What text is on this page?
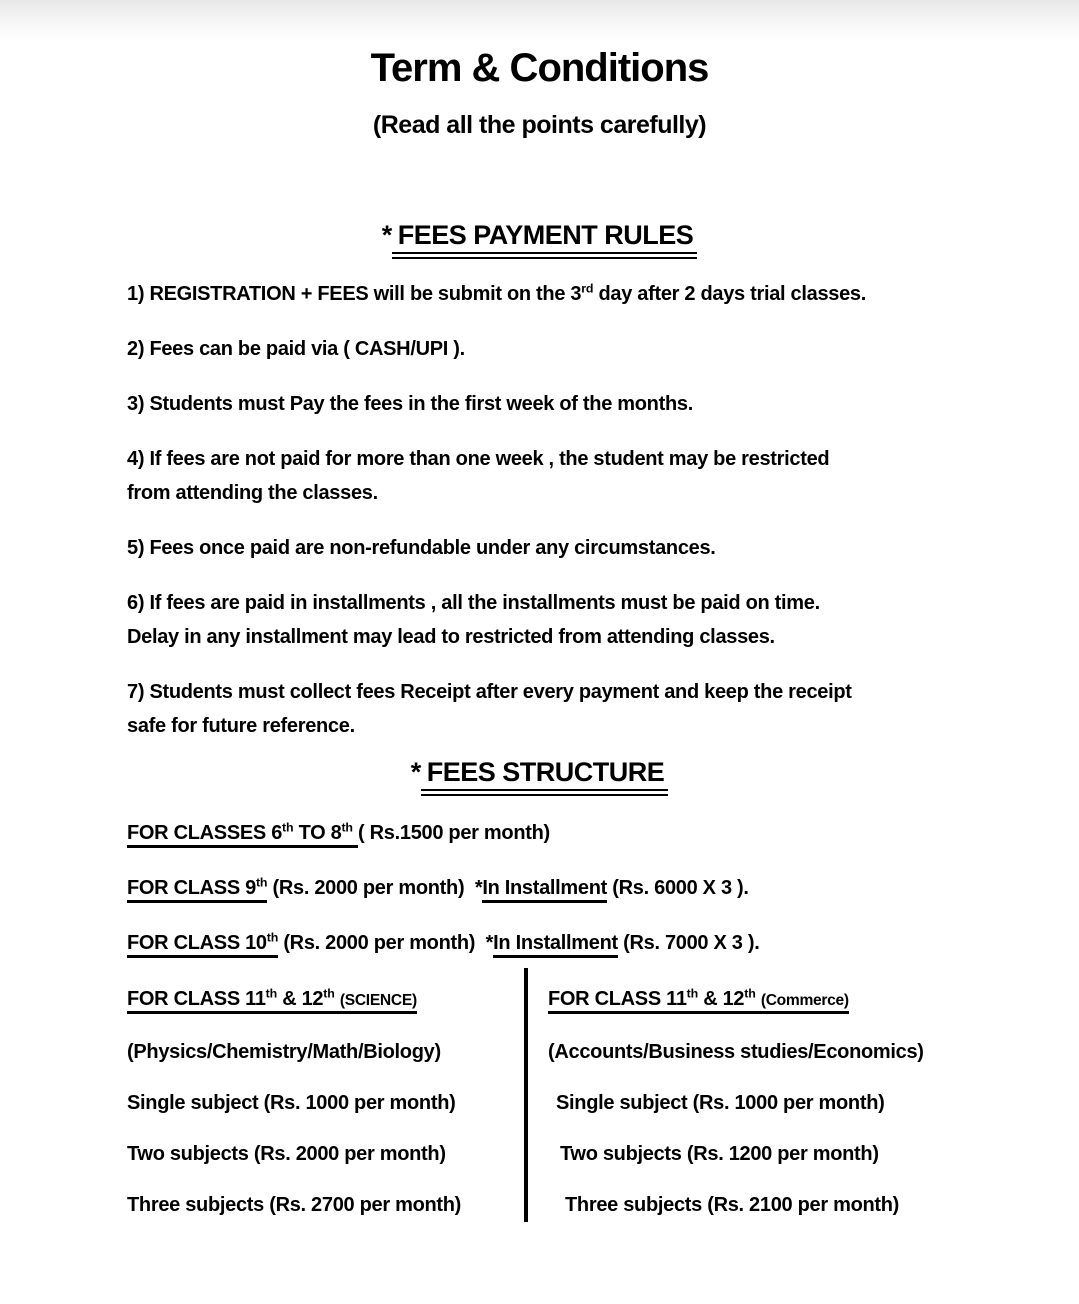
Term & Conditions
(Read all the points carefully)
* FEES PAYMENT RULES

1) REGISTRATION + FEES will be submit on the 3rd day after 2 days trial classes.

2) Fees can be paid via ( CASH/UPI ).

3) Students must Pay the fees in the first week of the months.

4) If fees are not paid for more than one week , the student may be restricted
from attending the classes.

5) Fees once paid are non-refundable under any circumstances.

6) If fees are paid in installments , all the installments must be paid on time.
Delay in any installment may lead to restricted from attending classes.

7) Students must collect fees Receipt after every payment and keep the receipt
safe for future reference.

* FEES STRUCTURE

FOR CLASSES 6th TO 8th ( Rs.1500 per month)

FOR CLASS 9th (Rs. 2000 per month)  *In Installment (Rs. 6000 X 3 ).

FOR CLASS 10th (Rs. 2000 per month)  *In Installment (Rs. 7000 X 3 ).

FOR CLASS 11th & 12th (SCIENCE)
(Physics/Chemistry/Math/Biology)
Single subject (Rs. 1000 per month)
Two subjects (Rs. 2000 per month)
Three subjects (Rs. 2700 per month)
FOR CLASS 11th & 12th (Commerce)
(Accounts/Business studies/Economics)
Single subject (Rs. 1000 per month)
Two subjects (Rs. 1200 per month)
Three subjects (Rs. 2100 per month)
